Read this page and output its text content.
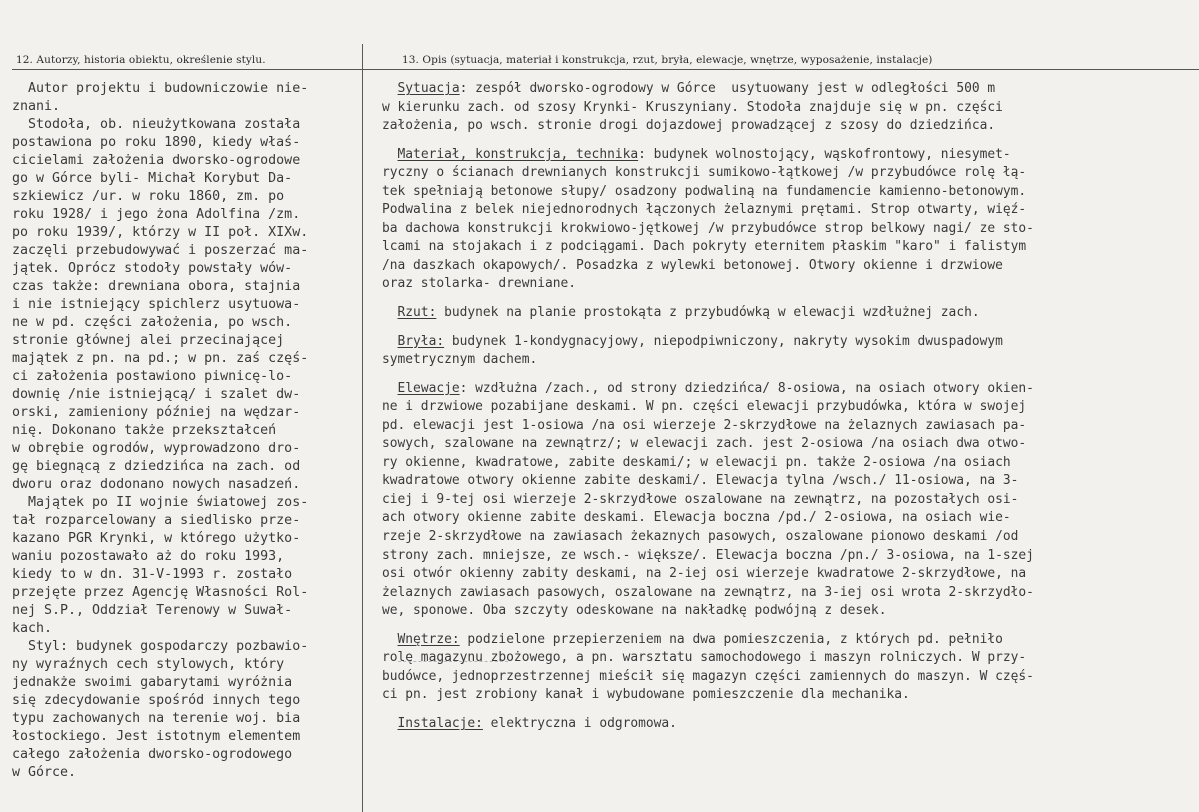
12. Autorzy, historia obiektu, określenie stylu.	13. Opis (sytuacja, materiał i konstrukcja, rzut, bryła, elewacje, wnętrze, wyposażenie, instalacje)
Autor projektu i budowniczowie nie-
znani.
Stodoła, ob. nieużytkowana została
postawiona po roku 1890, kiedy właś-
cicielami założenia dworsko-ogrodowe
go w Górce byli- Michał Korybut Da-
szkiewicz /ur. w roku 1860, zm. po
roku 1928/ i jego żona Adolfina /zm.
po roku 1939/, którzy w II poł. XIXw.
zaczęli przebudowywać i poszerzać ma-
jątek. Oprócz stodoły powstały wów-
czas także: drewniana obora, stajnia
i nie istniejący spichlerz usytuowa-
ne w pd. części założenia, po wsch.
stronie głównej alei przecinającej
majątek z pn. na pd.; w pn. zaś częś-
ci założenia postawiono piwnicę-lo-
downię /nie istniejącą/ i szalet dw-
orski, zamieniony później na wędzar-
nię. Dokonano także przekształceń
w obrębie ogrodów, wyprowadzono dro-
gę biegnącą z dziedzińca na zach. od
dworu oraz dodonano nowych nasadzeń.
Majątek po II wojnie światowej zos-
tał rozparcelowany a siedlisko prze-
kazano PGR Krynki, w którego użytko-
waniu pozostawało aż do roku 1993,
kiedy to w dn. 31-V-1993 r. zostało
przejęte przez Agencję Własności Rol-
nej S.P., Oddział Terenowy w Suwał-
kach.
Styl: budynek gospodarczy pozbawio-
ny wyraźnych cech stylowych, który
jednakże swoimi gabarytami wyróżnia
się zdecydowanie spośród innych tego
typu zachowanych na terenie woj. bia
łostockiego. Jest istotnym elementem
całego założenia dworsko-ogrodowego
w Górce.
Sytuacja: zespół dworsko-ogrodowy w Górce  usytuowany jest w odległości 500 m
w kierunku zach. od szosy Krynki- Kruszyniany. Stodoła znajduje się w pn. części
założenia, po wsch. stronie drogi dojazdowej prowadzącej z szosy do dziedzińca.
Materiał, konstrukcja, technika: budynek wolnostojący, wąskofrontowy, niesymet-
ryczny o ścianach drewnianych konstrukcji sumikowo-łątkowej /w przybudówce rolę łą-
tek spełniają betonowe słupy/ osadzony podwaliną na fundamencie kamienno-betonowym.
Podwalina z belek niejednorodnych łączonych żelaznymi prętami. Strop otwarty, więź-
ba dachowa konstrukcji krokwiowo-jętkowej /w przybudówce strop belkowy nagi/ ze sto-
lcami na stojakach i z podciągami. Dach pokryty eternitem płaskim "karo" i falistym
/na daszkach okapowych/. Posadzka z wylewki betonowej. Otwory okienne i drzwiowe
oraz stolarka- drewniane.
Rzut: budynek na planie prostokąta z przybudówką w elewacji wzdłużnej zach.
Bryła: budynek 1-kondygnacyjowy, niepodpiwniczony, nakryty wysokim dwuspadowym
symetrycznym dachem.
Elewacje: wzdłużna /zach., od strony dziedzińca/ 8-osiowa, na osiach otwory okien-
ne i drzwiowe pozabijane deskami. W pn. części elewacji przybudówka, która w swojej
pd. elewacji jest 1-osiowa /na osi wierzeje 2-skrzydłowe na żelaznych zawiasach pa-
sowych, szalowane na zewnątrz/; w elewacji zach. jest 2-osiowa /na osiach dwa otwo-
ry okienne, kwadratowe, zabite deskami/; w elewacji pn. także 2-osiowa /na osiach
kwadratowe otwory okienne zabite deskami/. Elewacja tylna /wsch./ 11-osiowa, na 3-
ciej i 9-tej osi wierzeje 2-skrzydłowe oszalowane na zewnątrz, na pozostałych osi-
ach otwory okienne zabite deskami. Elewacja boczna /pd./ 2-osiowa, na osiach wie-
rzeje 2-skrzydłowe na zawiasach żekaznych pasowych, oszalowane pionowo deskami /od
strony zach. mniejsze, ze wsch.- większe/. Elewacja boczna /pn./ 3-osiowa, na 1-szej
osi otwór okienny zabity deskami, na 2-iej osi wierzeje kwadratowe 2-skrzydłowe, na
żelaznych zawiasach pasowych, oszalowane na zewnątrz, na 3-iej osi wrota 2-skrzydło-
we, sponowe. Oba szczyty odeskowane na nakładkę podwójną z desek.
Wnętrze: podzielone przepierzeniem na dwa pomieszczenia, z których pd. pełniło
rolę magazynu zbożowego, a pn. warsztatu samochodowego i maszyn rolniczych. W przy-
budówce, jednoprzestrzennej mieścił się magazyn części zamiennych do maszyn. W częś-
ci pn. jest zrobiony kanał i wybudowane pomieszczenie dla mechanika.
Instalacje: elektryczna i odgromowa.
